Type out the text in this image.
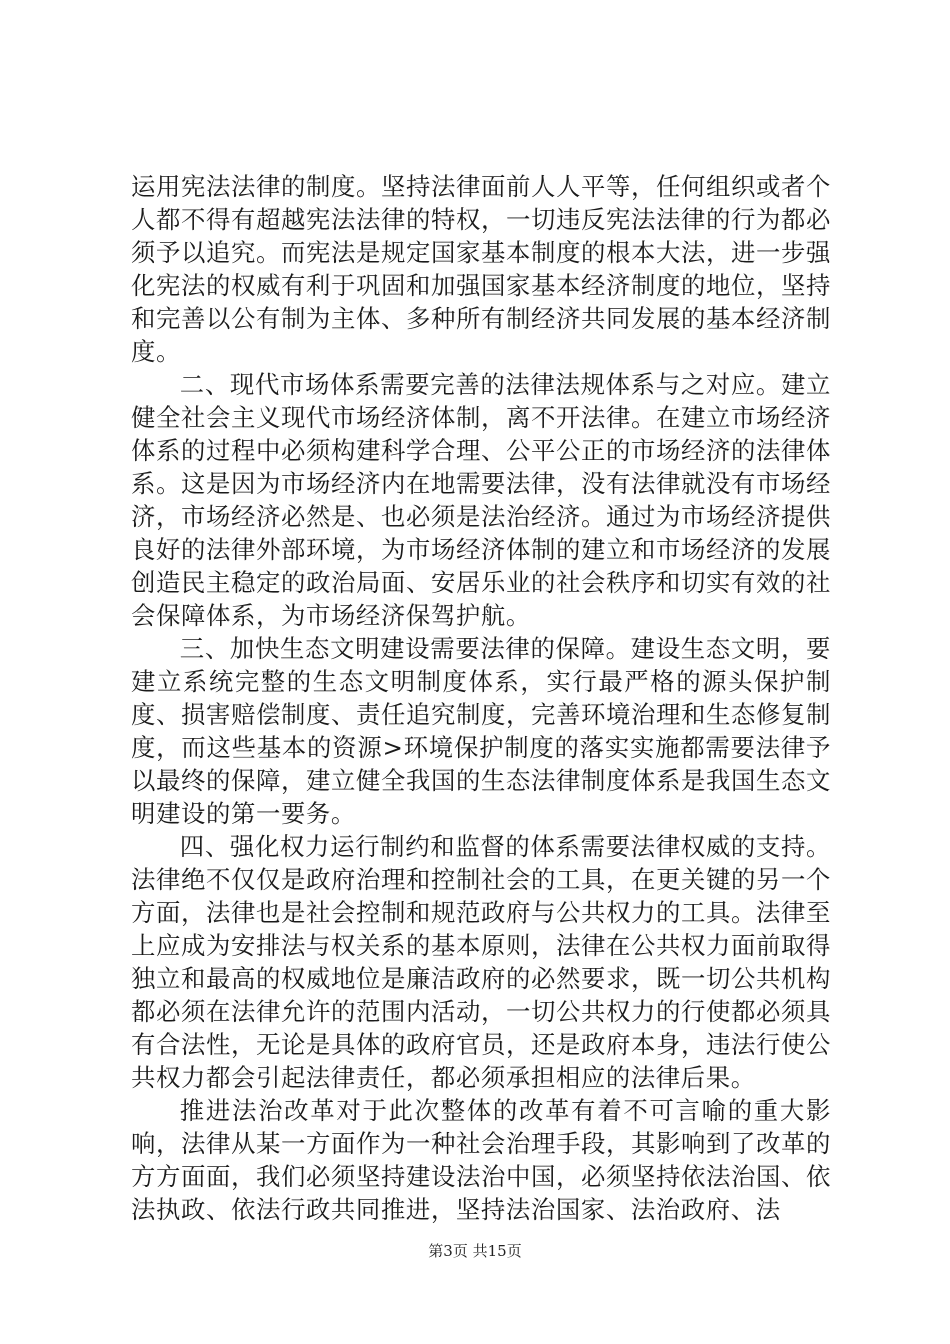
运用宪法法律的制度。坚持法律面前人人平等，任何组织或者个人都不得有超越宪法法律的特权，一切违反宪法法律的行为都必须予以追究。而宪法是规定国家基本制度的根本大法，进一步强化宪法的权威有利于巩固和加强国家基本经济制度的地位，坚持和完善以公有制为主体、多种所有制经济共同发展的基本经济制度。

二、现代市场体系需要完善的法律法规体系与之对应。建立健全社会主义现代市场经济体制，离不开法律。在建立市场经济体系的过程中必须构建科学合理、公平公正的市场经济的法律体系。这是因为市场经济内在地需要法律，没有法律就没有市场经济，市场经济必然是、也必须是法治经济。通过为市场经济提供良好的法律外部环境，为市场经济体制的建立和市场经济的发展创造民主稳定的政治局面、安居乐业的社会秩序和切实有效的社会保障体系，为市场经济保驾护航。

三、加快生态文明建设需要法律的保障。建设生态文明，要建立系统完整的生态文明制度体系，实行最严格的源头保护制度、损害赔偿制度、责任追究制度，完善环境治理和生态修复制度，而这些基本的资源>环境保护制度的落实实施都需要法律予以最终的保障，建立健全我国的生态法律制度体系是我国生态文明建设的第一要务。

四、强化权力运行制约和监督的体系需要法律权威的支持。法律绝不仅仅是政府治理和控制社会的工具，在更关键的另一个方面，法律也是社会控制和规范政府与公共权力的工具。法律至上应成为安排法与权关系的基本原则，法律在公共权力面前取得独立和最高的权威地位是廉洁政府的必然要求，既一切公共机构都必须在法律允许的范围内活动，一切公共权力的行使都必须具有合法性，无论是具体的政府官员，还是政府本身，违法行使公共权力都会引起法律责任，都必须承担相应的法律后果。

推进法治改革对于此次整体的改革有着不可言喻的重大影响，法律从某一方面作为一种社会治理手段，其影响到了改革的方方面面，我们必须坚持建设法治中国，必须坚持依法治国、依法执政、依法行政共同推进，坚持法治国家、法治政府、法

第3页 共15页
